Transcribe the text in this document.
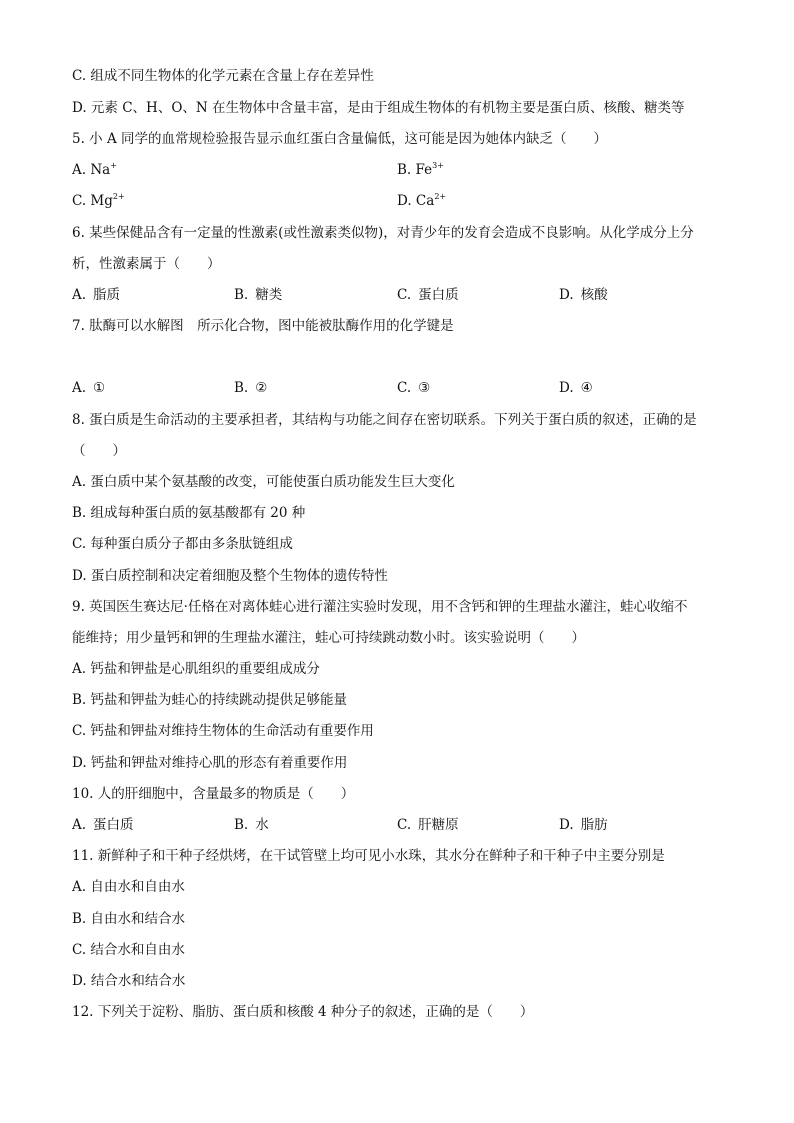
C. 组成不同生物体的化学元素在含量上存在差异性
D. 元素 C、H、O、N 在生物体中含量丰富，是由于组成生物体的有机物主要是蛋白质、核酸、糖类等
5. 小 A 同学的血常规检验报告显示血红蛋白含量偏低，这可能是因为她体内缺乏（　　）
A. Na+	B. $Fe^{3+}$
C. $Mg^{2+}$	D. $Ca^{2+}$
6. 某些保健品含有一定量的性激素(或性激素类似物)，对青少年的发育会造成不良影响。从化学成分上分
析，性激素属于（　　）
A. 脂质	B. 糖类	C. 蛋白质	D. 核酸
7. 肽酶可以水解图　所示化合物，图中能被肽酶作用的化学键是
A. ①	B. ②	C. ③	D. ④
8. 蛋白质是生命活动的主要承担者，其结构与功能之间存在密切联系。下列关于蛋白质的叙述，正确的是
（　　）
A. 蛋白质中某个氨基酸的改变，可能使蛋白质功能发生巨大变化
B. 组成每种蛋白质的氨基酸都有 20 种
C. 每种蛋白质分子都由多条肽链组成
D. 蛋白质控制和决定着细胞及整个生物体的遗传特性
9. 英国医生赛达尼·任格在对离体蛙心进行灌注实验时发现，用不含钙和钾的生理盐水灌注，蛙心收缩不
能维持；用少量钙和钾的生理盐水灌注，蛙心可持续跳动数小时。该实验说明（　　）
A. 钙盐和钾盐是心肌组织的重要组成成分
B. 钙盐和钾盐为蛙心的持续跳动提供足够能量
C. 钙盐和钾盐对维持生物体的生命活动有重要作用
D. 钙盐和钾盐对维持心肌的形态有着重要作用
10. 人的肝细胞中，含量最多的物质是（　　）
A. 蛋白质	B. 水	C. 肝糖原	D. 脂肪
11. 新鲜种子和干种子经烘烤，在干试管壁上均可见小水珠，其水分在鲜种子和干种子中主要分别是
A. 自由水和自由水
B. 自由水和结合水
C. 结合水和自由水
D. 结合水和结合水
12. 下列关于淀粉、脂肪、蛋白质和核酸 4 种分子的叙述，正确的是（　　）
